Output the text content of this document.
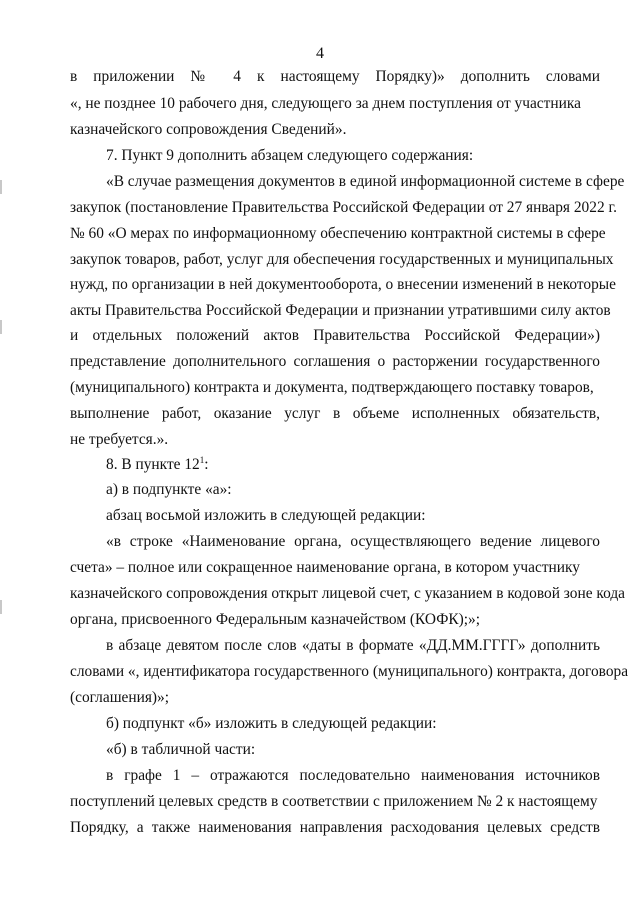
4
в приложении № 4 к настоящему Порядку)» дополнить словами
«, не позднее 10 рабочего дня, следующего за днем поступления от участника
казначейского сопровождения Сведений».
7. Пункт 9 дополнить абзацем следующего содержания:
«В случае размещения документов в единой информационной системе в сфере
закупок (постановление Правительства Российской Федерации от 27 января 2022 г.
№ 60 «О мерах по информационному обеспечению контрактной системы в сфере
закупок товаров, работ, услуг для обеспечения государственных и муниципальных
нужд, по организации в ней документооборота, о внесении изменений в некоторые
акты Правительства Российской Федерации и признании утратившими силу актов
и отдельных положений актов Правительства Российской Федерации»)
представление дополнительного соглашения о расторжении государственного
(муниципального) контракта и документа, подтверждающего поставку товаров,
выполнение работ, оказание услуг в объеме исполненных обязательств,
не требуется.».
8. В пункте $12^1$:
а) в подпункте «а»:
абзац восьмой изложить в следующей редакции:
«в строке «Наименование органа, осуществляющего ведение лицевого
счета» – полное или сокращенное наименование органа, в котором участнику
казначейского сопровождения открыт лицевой счет, с указанием в кодовой зоне кода
органа, присвоенного Федеральным казначейством (КОФК);»;
в абзаце девятом после слов «даты в формате «ДД.ММ.ГГГГ» дополнить
словами «, идентификатора государственного (муниципального) контракта, договора
(соглашения)»;
б) подпункт «б» изложить в следующей редакции:
«б) в табличной части:
в графе 1 – отражаются последовательно наименования источников
поступлений целевых средств в соответствии с приложением № 2 к настоящему
Порядку, а также наименования направления расходования целевых средств
